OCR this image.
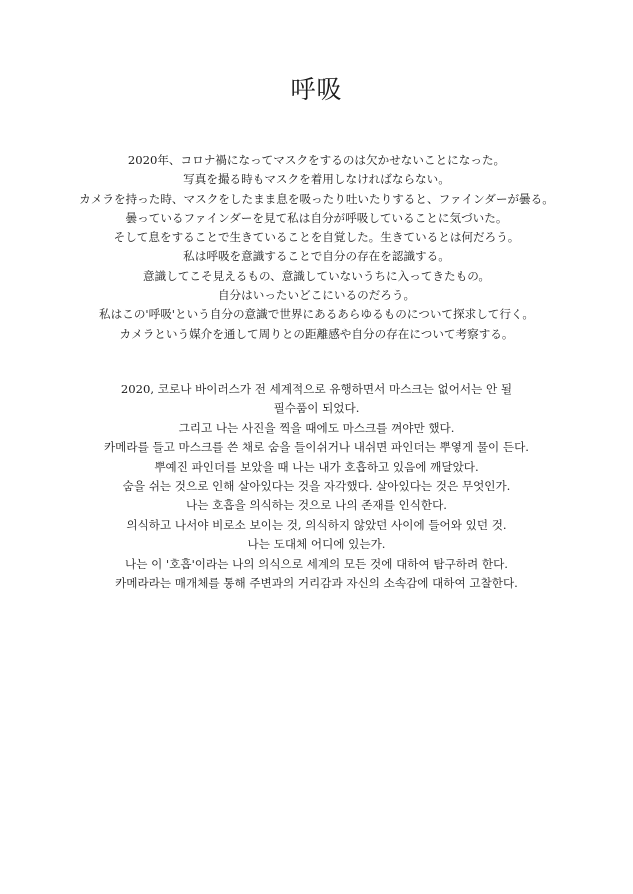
呼吸
2020年、コロナ禍になってマスクをするのは欠かせないことになった。
写真を撮る時もマスクを着用しなければならない。
カメラを持った時、マスクをしたまま息を吸ったり吐いたりすると、ファインダーが曇る。
曇っているファインダーを見て私は自分が呼吸していることに気づいた。
そして息をすることで生きていることを自覚した。生きているとは何だろう。
私は呼吸を意識することで自分の存在を認識する。
意識してこそ見えるもの、意識していないうちに入ってきたもの。
自分はいったいどこにいるのだろう。
私はこの'呼吸'という自分の意識で世界にあるあらゆるものについて探求して行く。
カメラという媒介を通して周りとの距離感や自分の存在について考察する。
2020, 코로나 바이러스가 전 세계적으로 유행하면서 마스크는 없어서는 안 될
필수품이 되었다.
그리고 나는 사진을 찍을 때에도 마스크를 껴야만 했다.
카메라를 들고 마스크를 쓴 채로 숨을 들이쉬거나 내쉬면 파인더는 뿌옇게 물이 든다.
뿌예진 파인더를 보았을 때 나는 내가 호흡하고 있음에 깨달았다.
숨을 쉬는 것으로 인해 살아있다는 것을 자각했다. 살아있다는 것은 무엇인가.
나는 호흡을 의식하는 것으로 나의 존재를 인식한다.
의식하고 나서야 비로소 보이는 것, 의식하지 않았던 사이에 들어와 있던 것.
나는 도대체 어디에 있는가.
나는 이 '호흡'이라는 나의 의식으로 세계의 모든 것에 대하여 탐구하려 한다.
카메라라는 매개체를 통해 주변과의 거리감과 자신의 소속감에 대하여 고찰한다.
